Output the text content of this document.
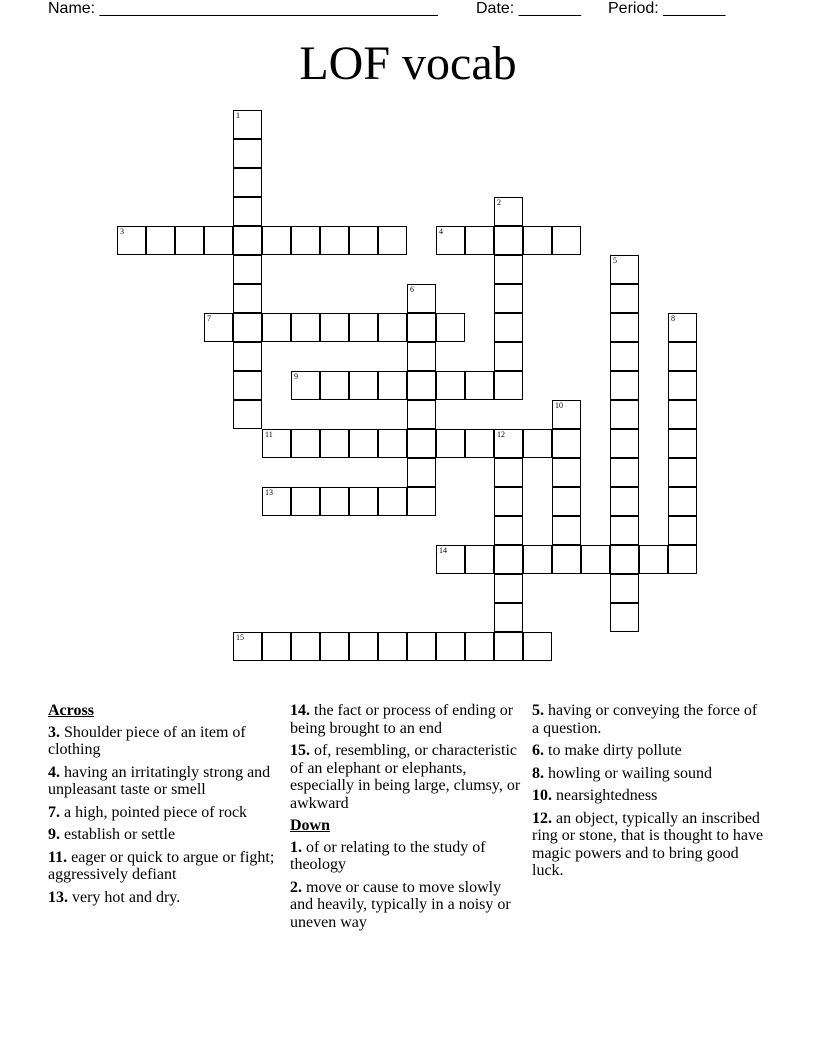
Name: ______________________________________ Date: _______ Period: _______
LOF vocab
1
2
3	4
5
6
7	8
9
10
11	12
13
14
15
Across
3. Shoulder piece of an item of clothing
4. having an irritatingly strong and unpleasant taste or smell
7. a high, pointed piece of rock
9. establish or settle
11. eager or quick to argue or fight; aggressively defiant
13. very hot and dry.
14. the fact or process of ending or being brought to an end
15. of, resembling, or characteristic of an elephant or elephants, especially in being large, clumsy, or awkward
Down
1. of or relating to the study of theology
2. move or cause to move slowly and heavily, typically in a noisy or uneven way
5. having or conveying the force of a question.
6. to make dirty pollute
8. howling or wailing sound
10. nearsightedness
12. an object, typically an inscribed ring or stone, that is thought to have magic powers and to bring good luck.
